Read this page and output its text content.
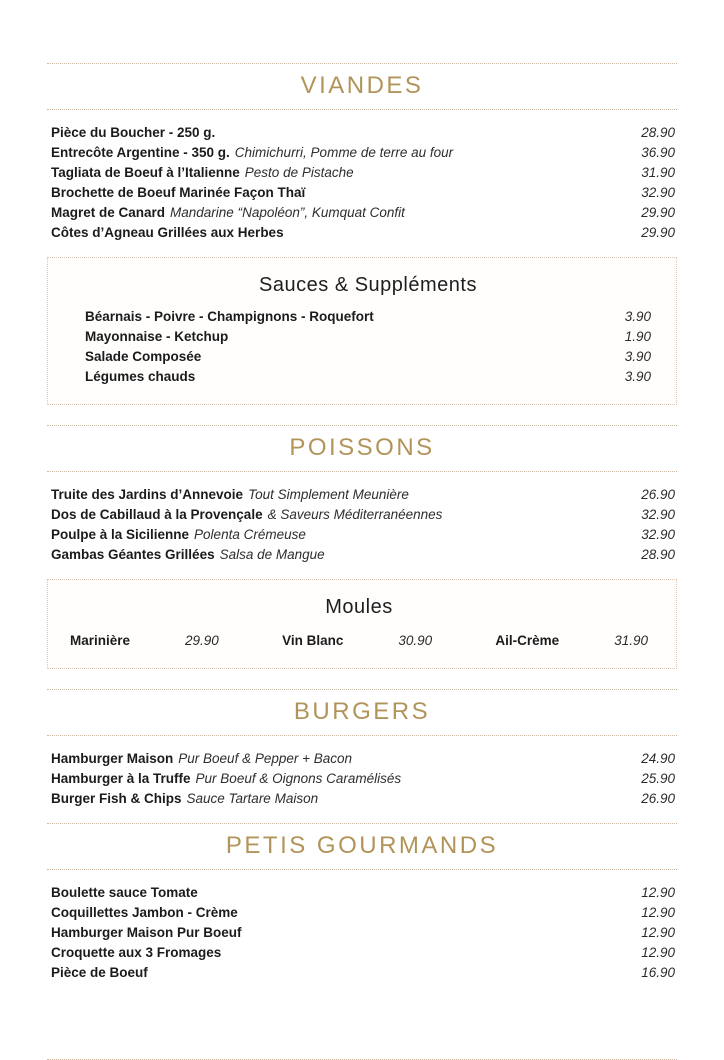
VIANDES
Pièce du Boucher - 250 g.	28.90
Entrecôte Argentine - 350 g. Chimichurri, Pomme de terre au four	36.90
Tagliata de Boeuf à l’Italienne Pesto de Pistache	31.90
Brochette de Boeuf Marinée Façon Thaï	32.90
Magret de Canard Mandarine “Napoléon”, Kumquat Confit	29.90
Côtes d’Agneau Grillées aux Herbes	29.90
Sauces & Suppléments
Béarnais - Poivre - Champignons - Roquefort	3.90
Mayonnaise - Ketchup	1.90
Salade Composée	3.90
Légumes chauds	3.90
POISSONS
Truite des Jardins d’Annevoie Tout Simplement Meunière	26.90
Dos de Cabillaud à la Provençale & Saveurs Méditerranéennes	32.90
Poulpe à la Sicilienne Polenta Crémeuse	32.90
Gambas Géantes Grillées Salsa de Mangue	28.90
Moules
Marinière	29.90	Vin Blanc	30.90	Ail-Crème	31.90
BURGERS
Hamburger Maison Pur Boeuf & Pepper + Bacon	24.90
Hamburger à la Truffe Pur Boeuf & Oignons Caramélisés	25.90
Burger Fish & Chips Sauce Tartare Maison	26.90
PETIS GOURMANDS
Boulette sauce Tomate	12.90
Coquillettes Jambon - Crème	12.90
Hamburger Maison Pur Boeuf	12.90
Croquette aux 3 Fromages	12.90
Pièce de Boeuf	16.90
